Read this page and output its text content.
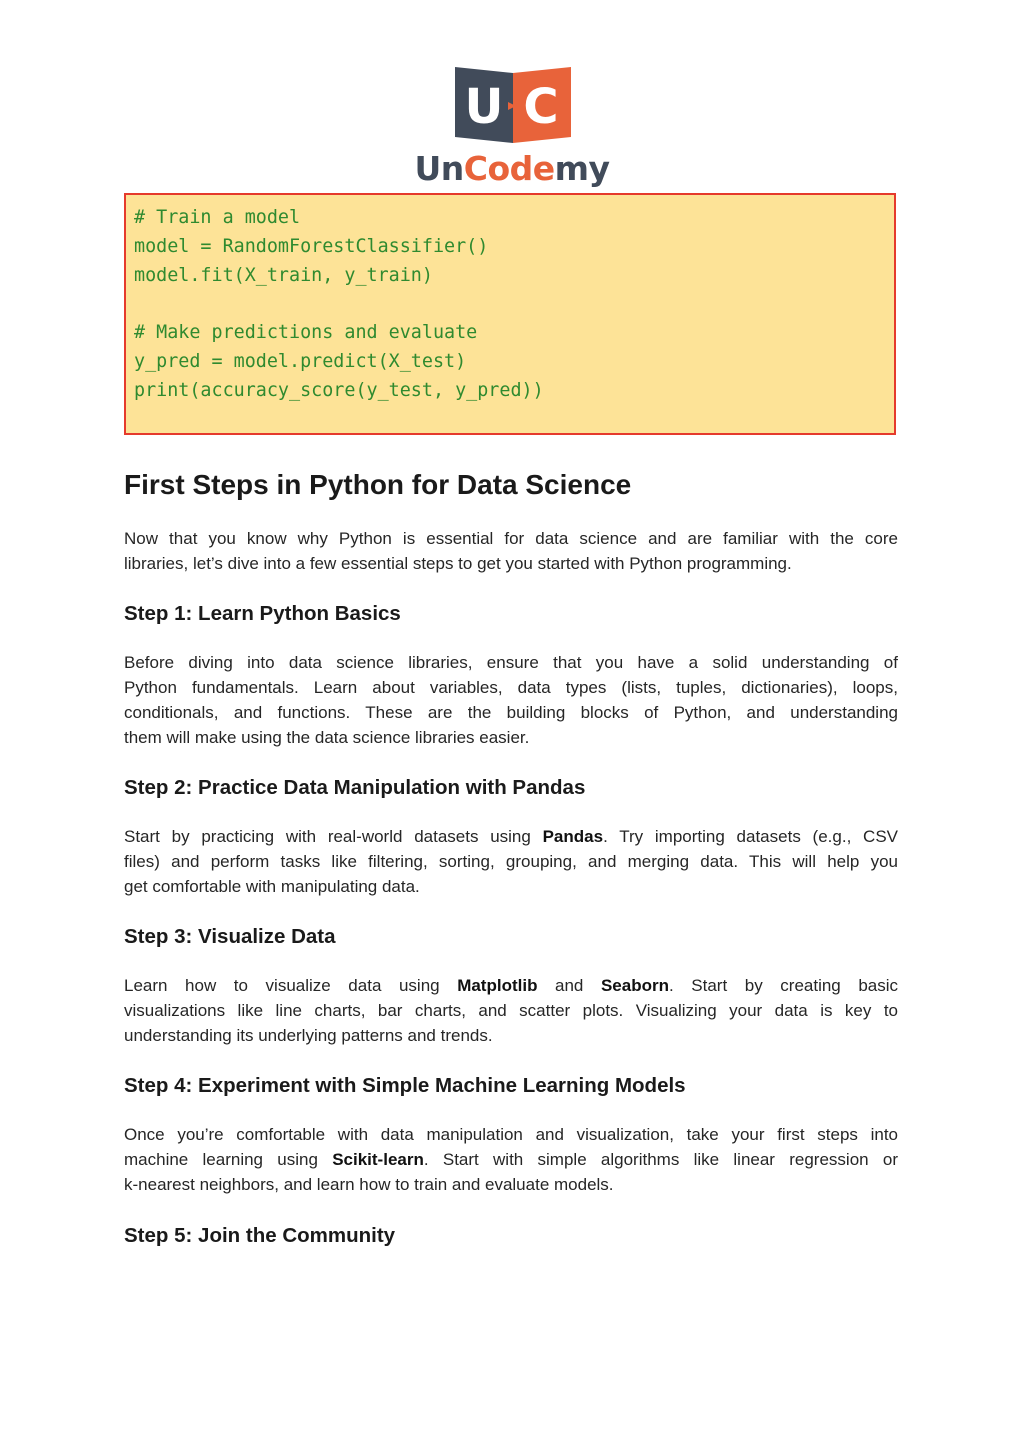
U C
UnCodemy
# Train a model
model = RandomForestClassifier()
model.fit(X_train, y_train)
# Make predictions and evaluate
y_pred = model.predict(X_test)
print(accuracy_score(y_test, y_pred))
First Steps in Python for Data Science
Now that you know why Python is essential for data science and are familiar with the core
libraries, let’s dive into a few essential steps to get you started with Python programming.
Step 1: Learn Python Basics
Before diving into data science libraries, ensure that you have a solid understanding of
Python fundamentals. Learn about variables, data types (lists, tuples, dictionaries), loops,
conditionals, and functions. These are the building blocks of Python, and understanding
them will make using the data science libraries easier.
Step 2: Practice Data Manipulation with Pandas
Start by practicing with real-world datasets using Pandas. Try importing datasets (e.g., CSV
files) and perform tasks like filtering, sorting, grouping, and merging data. This will help you
get comfortable with manipulating data.
Step 3: Visualize Data
Learn how to visualize data using Matplotlib and Seaborn. Start by creating basic
visualizations like line charts, bar charts, and scatter plots. Visualizing your data is key to
understanding its underlying patterns and trends.
Step 4: Experiment with Simple Machine Learning Models
Once you’re comfortable with data manipulation and visualization, take your first steps into
machine learning using Scikit-learn. Start with simple algorithms like linear regression or
k-nearest neighbors, and learn how to train and evaluate models.
Step 5: Join the Community
